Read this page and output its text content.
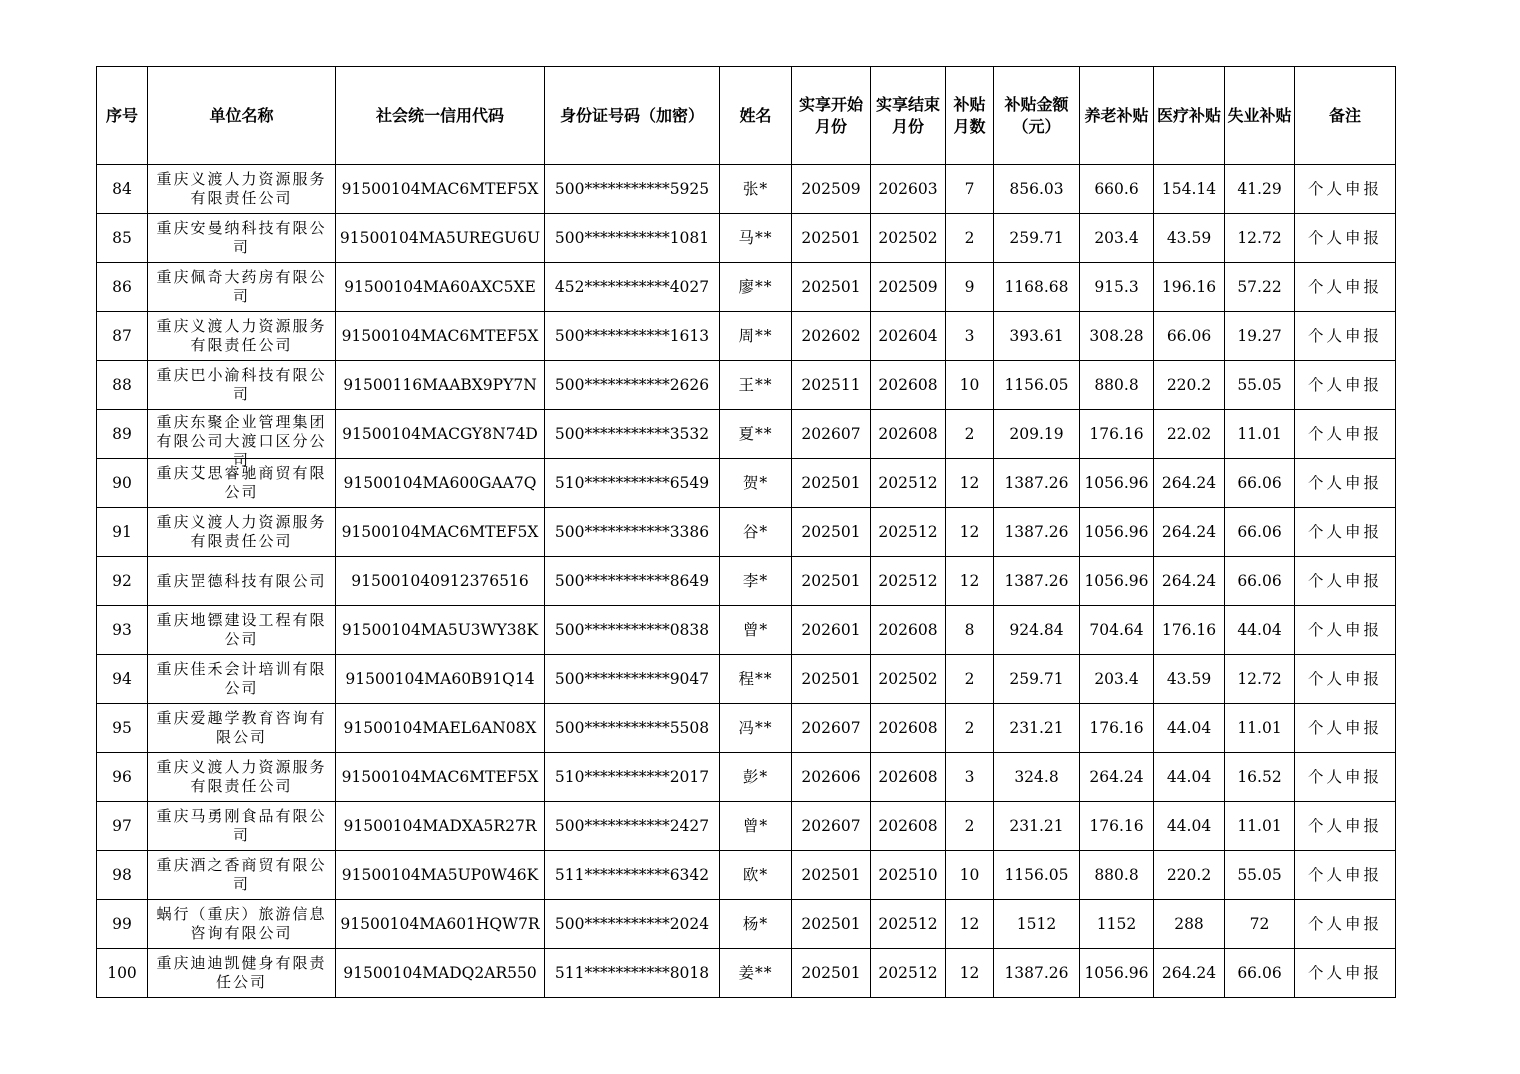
序号	单位名称	社会统一信用代码	身份证号码（加密）	姓名	实享开始月份	实享结束月份	补贴月数	补贴金额（元）	养老补贴	医疗补贴	失业补贴	备注
84	重庆义渡人力资源服务有限责任公司	91500104MAC6MTEF5X	500***********5925	张*	202509	202603	7	856.03	660.6	154.14	41.29	个人申报
85	重庆安曼纳科技有限公司	91500104MA5UREGU6U	500***********1081	马**	202501	202502	2	259.71	203.4	43.59	12.72	个人申报
86	重庆佩奇大药房有限公司	91500104MA60AXC5XE	452***********4027	廖**	202501	202509	9	1168.68	915.3	196.16	57.22	个人申报
87	重庆义渡人力资源服务有限责任公司	91500104MAC6MTEF5X	500***********1613	周**	202602	202604	3	393.61	308.28	66.06	19.27	个人申报
88	重庆巴小渝科技有限公司	91500116MAABX9PY7N	500***********2626	王**	202511	202608	10	1156.05	880.8	220.2	55.05	个人申报
89	重庆东聚企业管理集团有限公司大渡口区分公司	91500104MACGY8N74D	500***********3532	夏**	202607	202608	2	209.19	176.16	22.02	11.01	个人申报
90	重庆艾思睿驰商贸有限公司	91500104MA600GAA7Q	510***********6549	贺*	202501	202512	12	1387.26	1056.96	264.24	66.06	个人申报
91	重庆义渡人力资源服务有限责任公司	91500104MAC6MTEF5X	500***********3386	谷*	202501	202512	12	1387.26	1056.96	264.24	66.06	个人申报
92	重庆罡德科技有限公司	915001040912376516	500***********8649	李*	202501	202512	12	1387.26	1056.96	264.24	66.06	个人申报
93	重庆地镖建设工程有限公司	91500104MA5U3WY38K	500***********0838	曾*	202601	202608	8	924.84	704.64	176.16	44.04	个人申报
94	重庆佳禾会计培训有限公司	91500104MA60B91Q14	500***********9047	程**	202501	202502	2	259.71	203.4	43.59	12.72	个人申报
95	重庆爱趣学教育咨询有限公司	91500104MAEL6AN08X	500***********5508	冯**	202607	202608	2	231.21	176.16	44.04	11.01	个人申报
96	重庆义渡人力资源服务有限责任公司	91500104MAC6MTEF5X	510***********2017	彭*	202606	202608	3	324.8	264.24	44.04	16.52	个人申报
97	重庆马勇刚食品有限公司	91500104MADXA5R27R	500***********2427	曾*	202607	202608	2	231.21	176.16	44.04	11.01	个人申报
98	重庆酒之香商贸有限公司	91500104MA5UP0W46K	511***********6342	欧*	202501	202510	10	1156.05	880.8	220.2	55.05	个人申报
99	蜗行（重庆）旅游信息咨询有限公司	91500104MA601HQW7R	500***********2024	杨*	202501	202512	12	1512	1152	288	72	个人申报
100	重庆迪迪凯健身有限责任公司	91500104MADQ2AR550	511***********8018	姜**	202501	202512	12	1387.26	1056.96	264.24	66.06	个人申报
